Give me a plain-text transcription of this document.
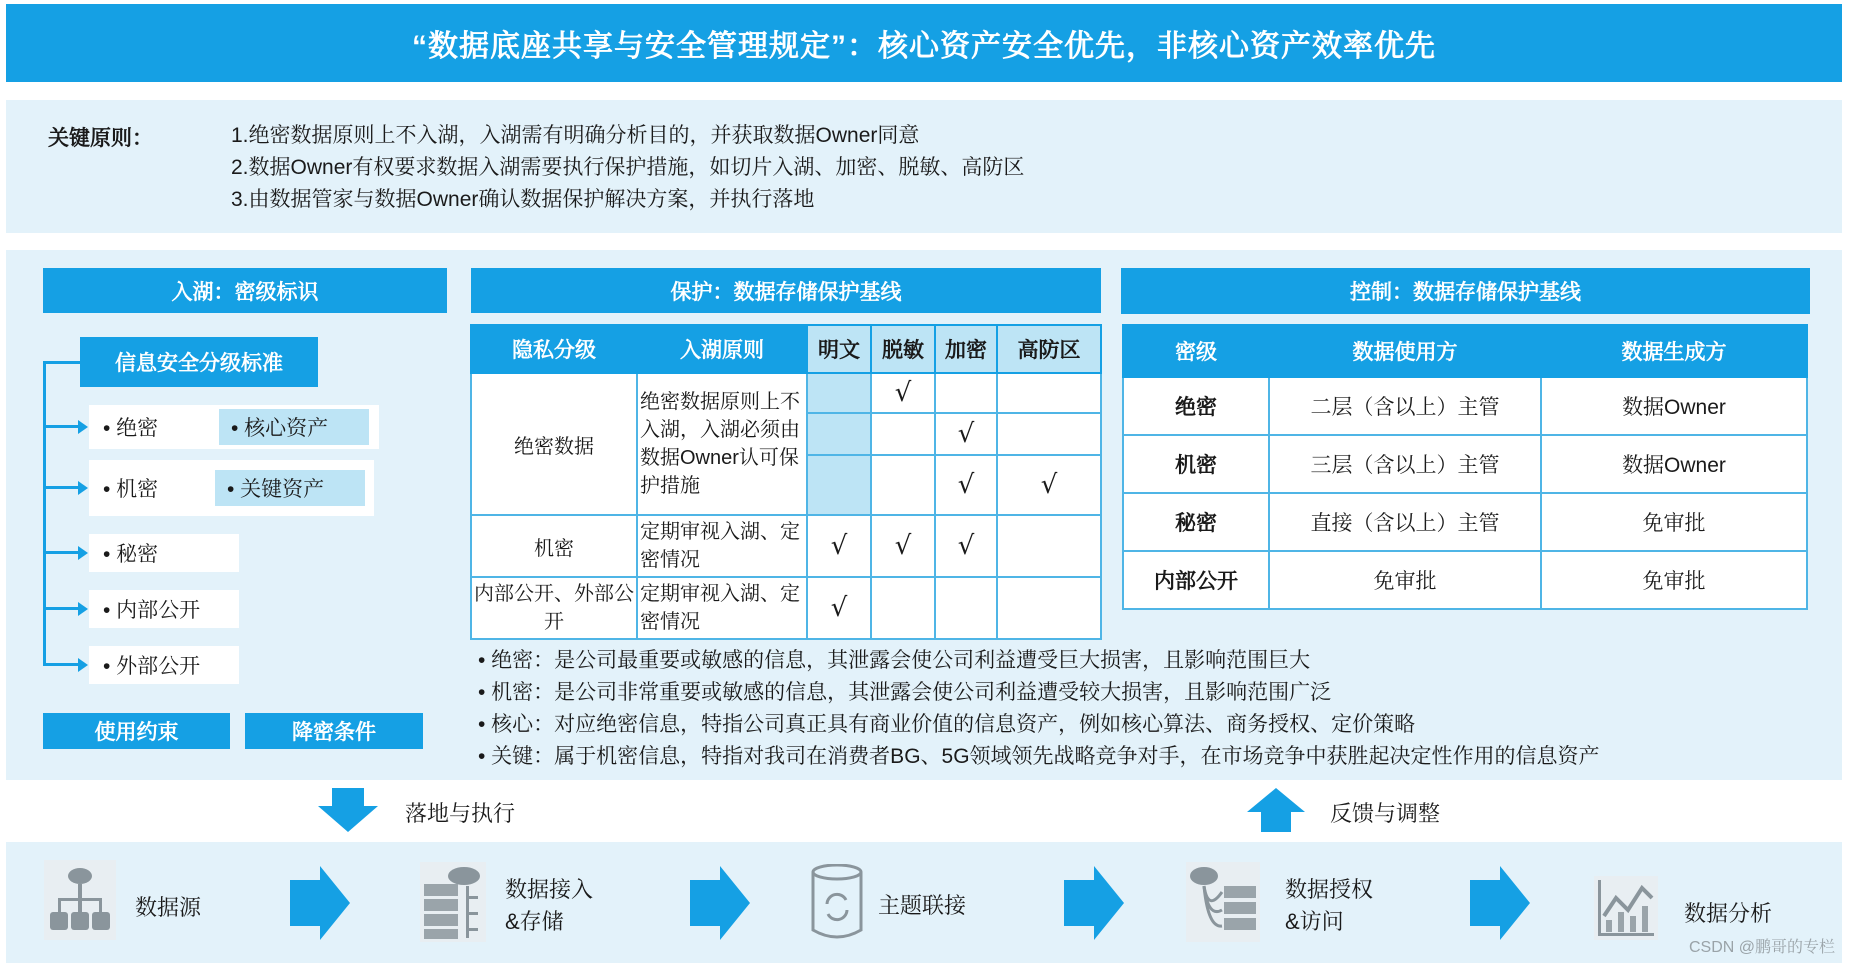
“数据底座共享与安全管理规定”：核心资产安全优先，非核心资产效率优先
关键原则：	1.绝密数据原则上不入湖，入湖需有明确分析目的，并获取数据Owner同意
2.数据Owner有权要求数据入湖需要执行保护措施，如切片入湖、加密、脱敏、高防区
3.由数据管家与数据Owner确认数据保护解决方案，并执行落地
入湖：密级标识
信息安全分级标准
• 绝密	• 核心资产
• 机密	• 关键资产
• 秘密
• 内部公开
• 外部公开
使用约束	降密条件
保护：数据存储保护基线
隐私分级	入湖原则	明文	脱敏	加密	高防区
绝密数据	绝密数据原则上不入湖，入湖必须由数据Owner认可保护措施		√		
				√	
				√	√
机密	定期审视入湖、定密情况	√	√	√	
内部公开、外部公开	定期审视入湖、定密情况	√			
控制：数据存储保护基线
密级	数据使用方	数据生成方
绝密	二层（含以上）主管	数据Owner
机密	三层（含以上）主管	数据Owner
秘密	直接（含以上）主管	免审批
内部公开	免审批	免审批
• 绝密：是公司最重要或敏感的信息，其泄露会使公司利益遭受巨大损害，且影响范围巨大
• 机密：是公司非常重要或敏感的信息，其泄露会使公司利益遭受较大损害，且影响范围广泛
• 核心：对应绝密信息，特指公司真正具有商业价值的信息资产，例如核心算法、商务授权、定价策略
• 关键：属于机密信息，特指对我司在消费者BG、5G领域领先战略竞争对手，在市场竞争中获胜起决定性作用的信息资产
落地与执行	反馈与调整
数据源
数据接入
&存储
主题联接
数据授权
&访问	数据分析
CSDN @鹏哥的专栏
